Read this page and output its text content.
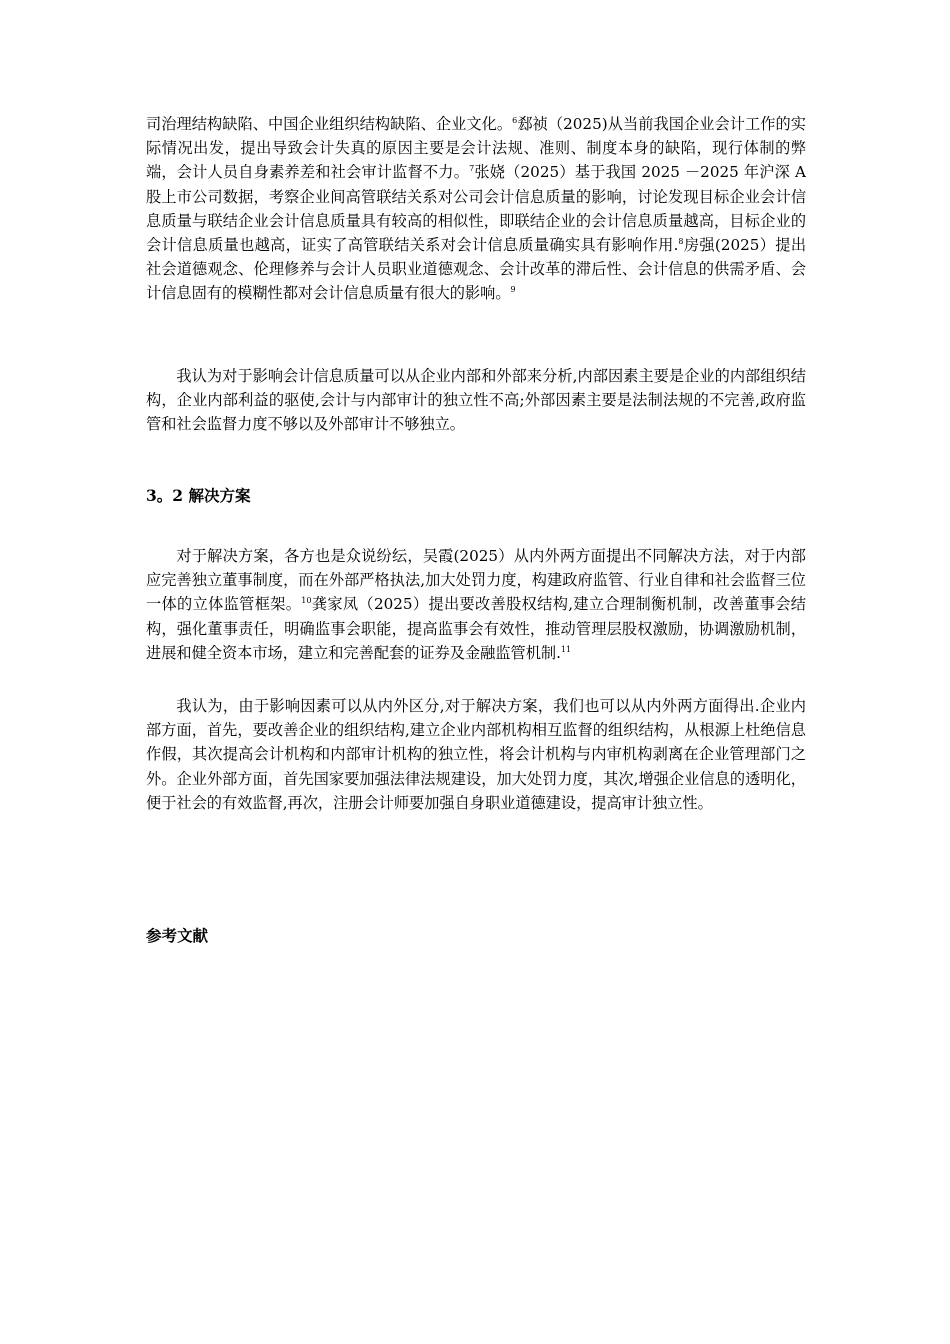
司治理结构缺陷、中国企业组织结构缺陷、企业文化。$^6$郄祯（2025)从当前我国企业会计工作的实际情况出发，提出导致会计失真的原因主要是会计法规、准则、制度本身的缺陷，现行体制的弊端，会计人员自身素养差和社会审计监督不力。$^7$张娆（2025）基于我国 2025 －2025 年沪深 A 股上市公司数据，考察企业间高管联结关系对公司会计信息质量的影响，讨论发现目标企业会计信息质量与联结企业会计信息质量具有较高的相似性，即联结企业的会计信息质量越高，目标企业的会计信息质量也越高，证实了高管联结关系对会计信息质量确实具有影响作用.$^8$房强(2025）提出社会道德观念、伦理修养与会计人员职业道德观念、会计改革的滞后性、会计信息的供需矛盾、会计信息固有的模糊性都对会计信息质量有很大的影响。$^9$

我认为对于影响会计信息质量可以从企业内部和外部来分析,内部因素主要是企业的内部组织结构，企业内部利益的驱使,会计与内部审计的独立性不高;外部因素主要是法制法规的不完善,政府监管和社会监督力度不够以及外部审计不够独立。

3。2 解决方案

对于解决方案，各方也是众说纷纭，吴霞(2025）从内外两方面提出不同解决方法，对于内部应完善独立董事制度，而在外部严格执法,加大处罚力度，构建政府监管、行业自律和社会监督三位一体的立体监管框架。$^{10}$龚家凤（2025）提出要改善股权结构,建立合理制衡机制，改善董事会结构，强化董事责任，明确监事会职能，提高监事会有效性，推动管理层股权激励，协调激励机制，进展和健全资本市场，建立和完善配套的证券及金融监管机制.$^{11}$

我认为，由于影响因素可以从内外区分,对于解决方案，我们也可以从内外两方面得出.企业内部方面，首先，要改善企业的组织结构,建立企业内部机构相互监督的组织结构，从根源上杜绝信息作假，其次提高会计机构和内部审计机构的独立性，将会计机构与内审机构剥离在企业管理部门之外。企业外部方面，首先国家要加强法律法规建设，加大处罚力度，其次,增强企业信息的透明化，便于社会的有效监督,再次，注册会计师要加强自身职业道德建设，提高审计独立性。

参考文献
